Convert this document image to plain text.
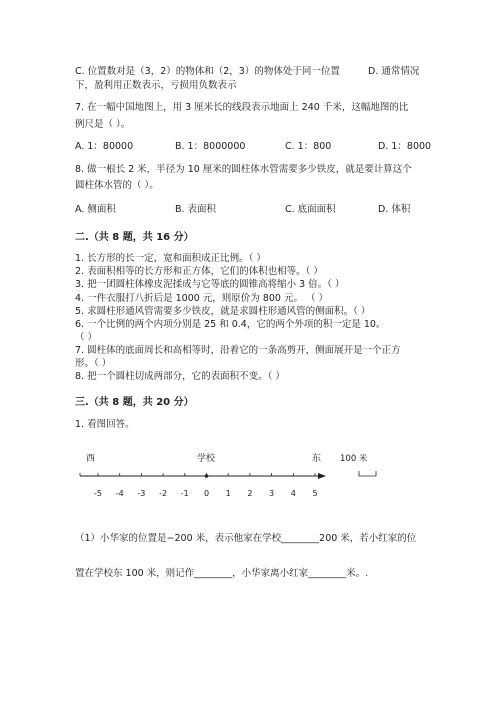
C. 位置数对是（3，2）的物体和（2，3）的物体处于同一位置	D. 通常情况
下，盈利用正数表示，亏损用负数表示
7. 在一幅中国地图上，用 3 厘米长的线段表示地面上 240 千米，这幅地图的比
例尺是（ ）。
A. 1：80000	B. 1：8000000	C. 1：800	D. 1：8000
8. 做一根长 2 米，半径为 10 厘米的圆柱体水管需要多少铁皮，就是要计算这个
圆柱体水管的（ ）。
A. 侧面积	B. 表面积	C. 底面面积	D. 体积
二.（共 8 题，共 16 分）
1. 长方形的长一定，宽和面积成正比例。（ ）
2. 表面积相等的长方形和正方体，它们的体积也相等。（ ）
3. 把一团圆柱体橡皮泥揉成与它等底的圆锥高将缩小 3 倍。（ ）
4. 一件衣服打八折后是 1000 元，则原价为 800 元。 （ ）
5. 求圆柱形通风管需要多少铁皮，就是求圆柱形通风管的侧面积。（ ）
6. 一个比例的两个内项分别是 25 和 0.4，它的两个外项的积一定是 10。
（ ）
7. 圆柱体的底面周长和高相等时，沿着它的一条高剪开，侧面展开是一个正方
形。（ ）
8. 把一个圆柱切成两部分，它的表面积不变。（ ）
三.（共 8 题，共 20 分）
1. 看图回答。
西	学校	东 100 米
-5 -4 -3 -2 -1 0 1 2 3 4 5
（1）小华家的位置是−200 米，表示他家在学校________200 米，若小红家的位
置在学校东 100 米，则记作________，小华家离小红家________米。.
